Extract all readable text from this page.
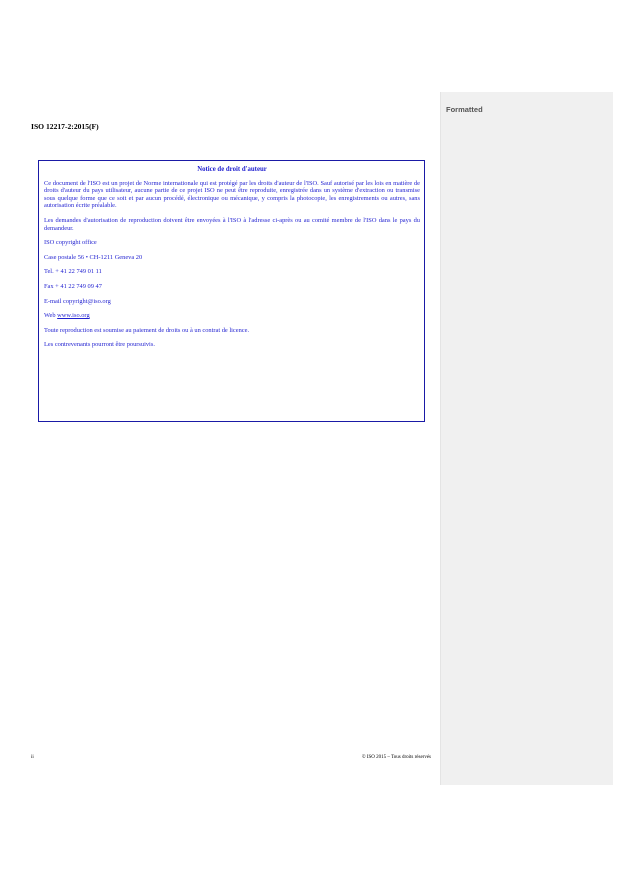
Formatted
ISO 12217-2:2015(F)
Notice de droit d'auteur

Ce document de l'ISO est un projet de Norme internationale qui est protégé par les droits d'auteur de l'ISO. Sauf autorisé par les lois en matière de droits d'auteur du pays utilisateur, aucune partie de ce projet ISO ne peut être reproduite, enregistrée dans un système d'extraction ou transmise sous quelque forme que ce soit et par aucun procédé, électronique ou mécanique, y compris la photocopie, les enregistrements ou autres, sans autorisation écrite préalable.

Les demandes d'autorisation de reproduction doivent être envoyées à l'ISO à l'adresse ci-après ou au comité membre de l'ISO dans le pays du demandeur.

ISO copyright office

Case postale 56 • CH-1211 Geneva 20

Tel. + 41 22 749 01 11

Fax + 41 22 749 09 47

E-mail copyright@iso.org

Web www.iso.org

Toute reproduction est soumise au paiement de droits ou à un contrat de licence.

Les contrevenants pourront être poursuivis.

ii	© ISO 2015 – Tous droits réservés
